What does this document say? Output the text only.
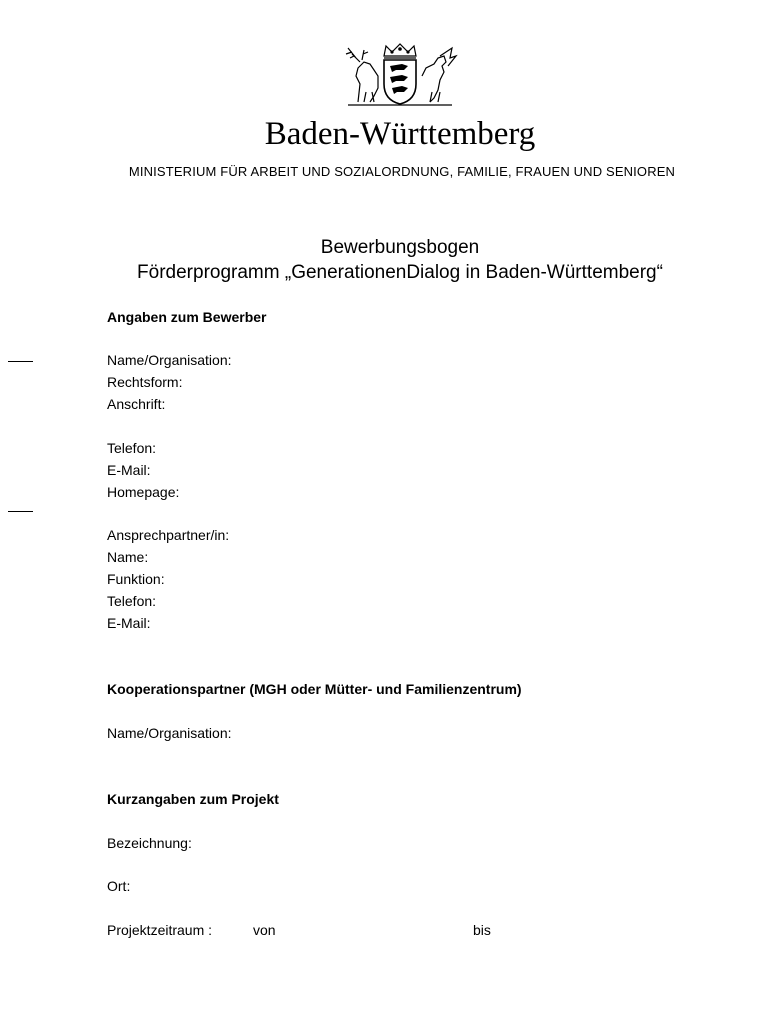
Baden-Württemberg
MINISTERIUM FÜR ARBEIT UND SOZIALORDNUNG, FAMILIE, FRAUEN UND SENIOREN
Bewerbungsbogen
Förderprogramm „GenerationenDialog in Baden-Württemberg“
Angaben zum Bewerber
Name/Organisation:
Rechtsform:
Anschrift:
Telefon:
E-Mail:
Homepage:
Ansprechpartner/in:
Name:
Funktion:
Telefon:
E-Mail:
Kooperationspartner (MGH oder Mütter- und Familienzentrum)
Name/Organisation:
Kurzangaben zum Projekt
Bezeichnung:
Ort:
Projektzeitraum :	von	bis
